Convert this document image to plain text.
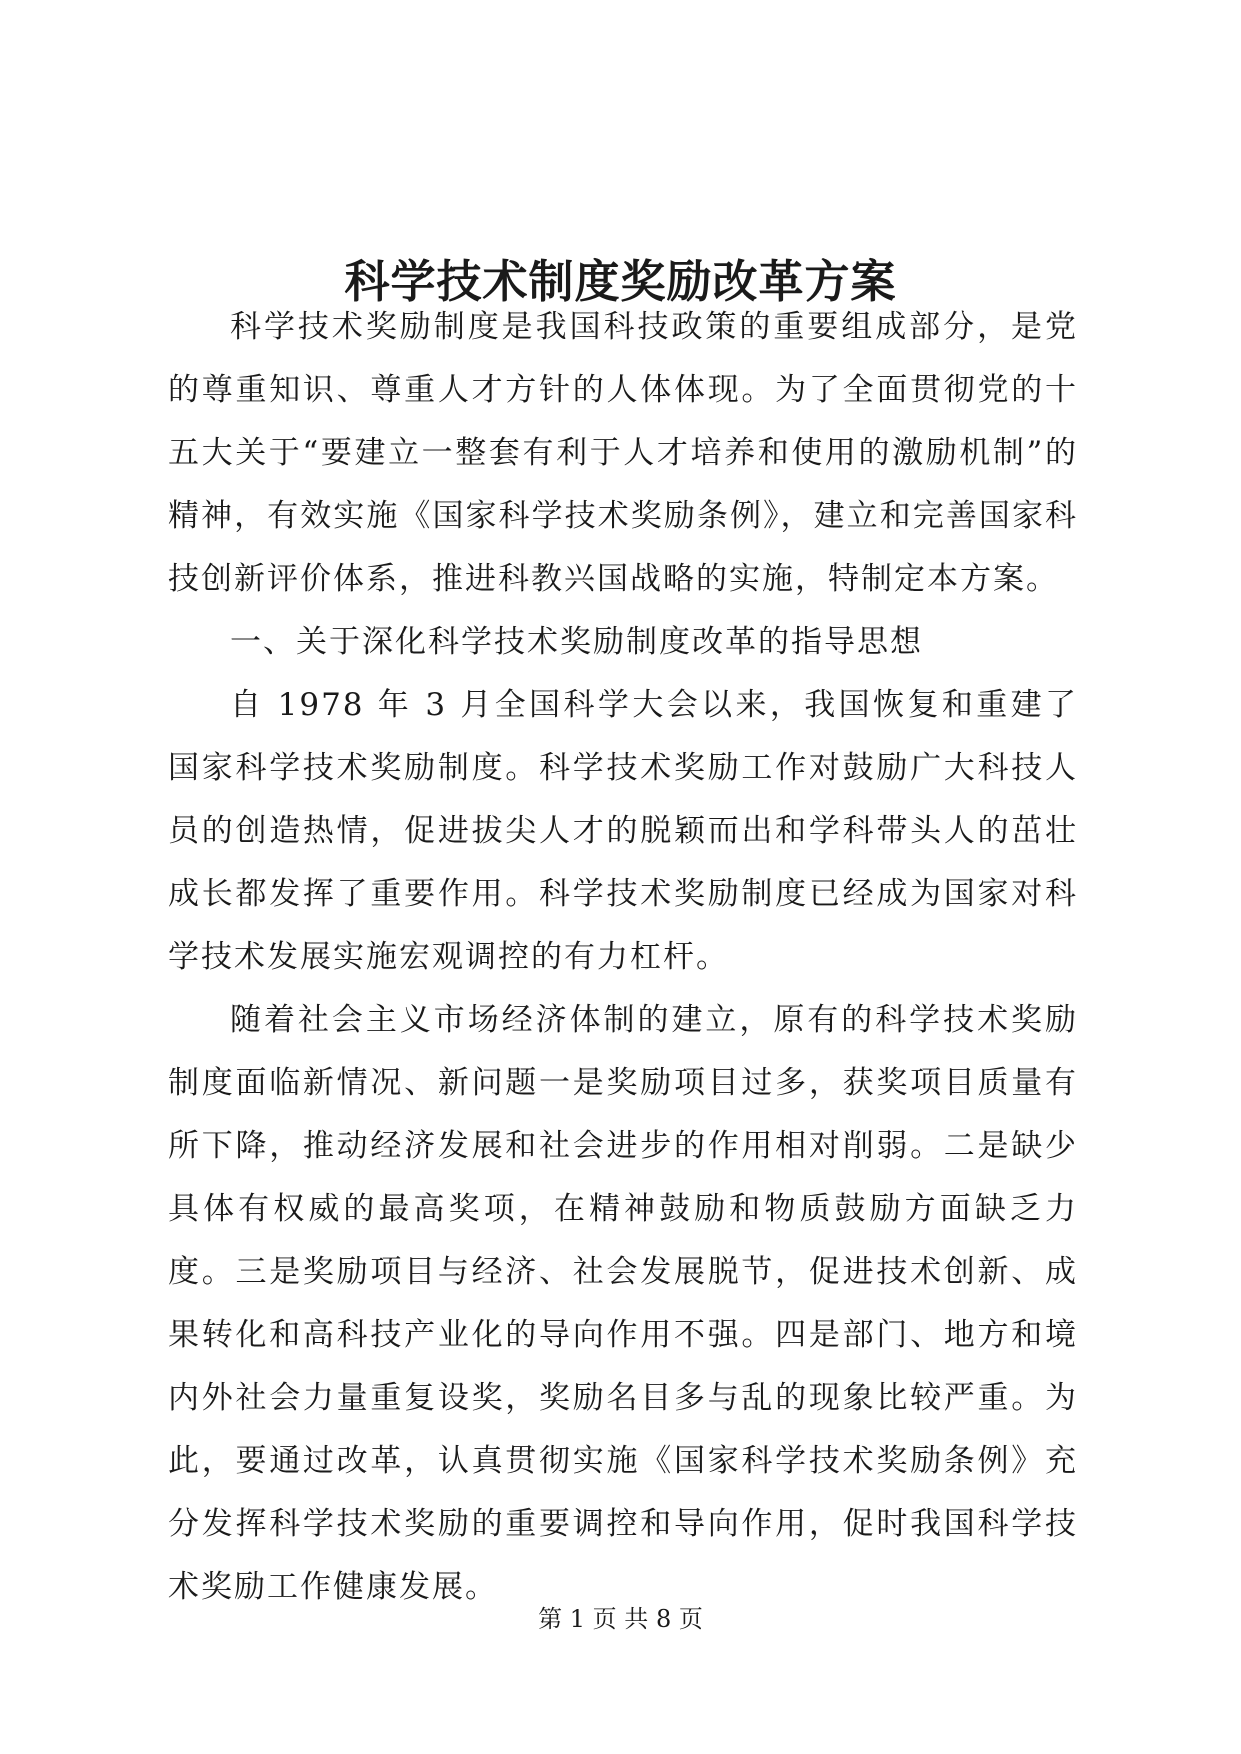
科学技术制度奖励改革方案

科学技术奖励制度是我国科技政策的重要组成部分，是党的尊重知识、尊重人才方针的人体体现。为了全面贯彻党的十五大关于“要建立一整套有利于人才培养和使用的激励机制”的精神，有效实施《国家科学技术奖励条例》，建立和完善国家科技创新评价体系，推进科教兴国战略的实施，特制定本方案。

一、关于深化科学技术奖励制度改革的指导思想

自 1978 年 3 月全国科学大会以来，我国恢复和重建了国家科学技术奖励制度。科学技术奖励工作对鼓励广大科技人员的创造热情，促进拔尖人才的脱颖而出和学科带头人的茁壮成长都发挥了重要作用。科学技术奖励制度已经成为国家对科学技术发展实施宏观调控的有力杠杆。

随着社会主义市场经济体制的建立，原有的科学技术奖励制度面临新情况、新问题一是奖励项目过多，获奖项目质量有所下降，推动经济发展和社会进步的作用相对削弱。二是缺少具体有权威的最高奖项，在精神鼓励和物质鼓励方面缺乏力度。三是奖励项目与经济、社会发展脱节，促进技术创新、成果转化和高科技产业化的导向作用不强。四是部门、地方和境内外社会力量重复设奖，奖励名目多与乱的现象比较严重。为此，要通过改革，认真贯彻实施《国家科学技术奖励条例》充分发挥科学技术奖励的重要调控和导向作用，促时我国科学技术奖励工作健康发展。

第 1 页 共 8 页
